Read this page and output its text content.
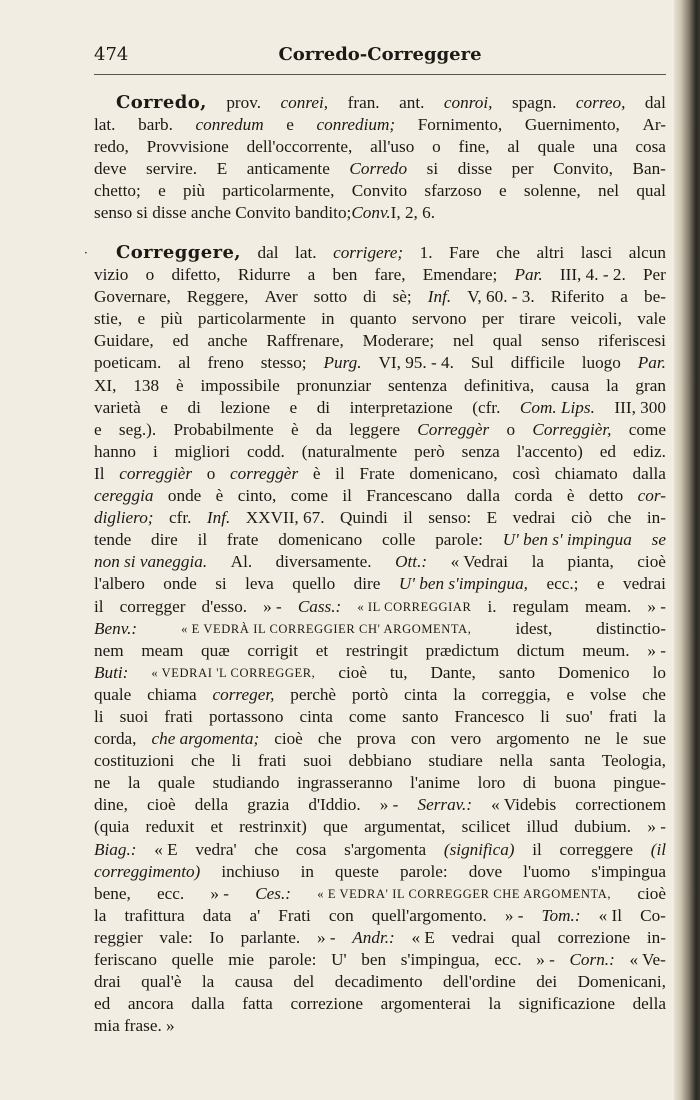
474	Corredo-Correggere
·
Corredo, prov. conrei, fran. ant. conroi, spagn. correo, dal
lat. barb. conredum e conredium; Fornimento, Guernimento, Ar-
redo, Provvisione dell'occorrente, all'uso o fine, al quale una cosa
deve servire. E anticamente Corredo si disse per Convito, Ban-
chetto; e più particolarmente, Convito sfarzoso e solenne, nel qual
senso si disse anche Convito bandito; Conv. I, 2, 6.
Correggere, dal lat. corrigere; 1. Fare che altri lasci alcun
vizio o difetto, Ridurre a ben fare, Emendare; Par. III, 4. - 2. Per
Governare, Reggere, Aver sotto di sè; Inf. V, 60. - 3. Riferito a be-
stie, e più particolarmente in quanto servono per tirare veicoli, vale
Guidare, ed anche Raffrenare, Moderare; nel qual senso riferiscesi
poeticam. al freno stesso; Purg. VI, 95. - 4. Sul difficile luogo Par.
XI, 138 è impossibile pronunziar sentenza definitiva, causa la gran
varietà e di lezione e di interpretazione (cfr. Com. Lips. III, 300
e seg.). Probabilmente è da leggere Correggèr o Correggièr, come
hanno i migliori codd. (naturalmente però senza l'accento) ed ediz.
Il correggièr o correggèr è il Frate domenicano, così chiamato dalla
cereggia onde è cinto, come il Francescano dalla corda è detto cor-
digliero; cfr. Inf. XXVII, 67. Quindi il senso: E vedrai ciò che in-
tende dire il frate domenicano colle parole: U' ben s' impingua se
non si vaneggia. Al. diversamente. Ott.: « Vedrai la pianta, cioè
l'albero onde si leva quello dire U' ben s'impingua, ecc.; e vedrai
il corregger d'esso. » - Cass.: « IL CORREGGIAR i. regulam meam. » -
Benv.:	« E VEDRÀ IL CORREGGIER CH' ARGOMENTA,	idest,	distinctio-
nem meam quæ corrigit et restringit prædictum dictum meum. » -
Buti: « VEDRAI 'L CORREGGER, cioè tu, Dante, santo Domenico lo
quale chiama correger, perchè portò cinta la correggia, e volse che
li suoi frati portassono cinta come santo Francesco li suo' frati la
corda, che argomenta; cioè che prova con vero argomento ne le sue
costituzioni che li frati suoi debbiano studiare nella santa Teologia,
ne la quale studiando ingrasseranno l'anime loro di buona pingue-
dine, cioè della grazia d'Iddio. » - Serrav.: « Videbis correctionem
(quia reduxit et restrinxit) que argumentat, scilicet illud dubium. » -
Biag.: « E vedra' che cosa s'argomenta (significa) il correggere (il
correggimento) inchiuso in queste parole: dove l'uomo s'impingua
bene, ecc. » - Ces.: « E VEDRA' IL CORREGGER CHE ARGOMENTA, cioè
la trafittura data a' Frati con quell'argomento. » - Tom.: « Il Co-
reggier vale: Io parlante. » - Andr.: « E vedrai qual correzione in-
feriscano quelle mie parole: U' ben s'impingua, ecc. » - Corn.: « Ve-
drai qual'è la causa del decadimento dell'ordine dei Domenicani,
ed ancora dalla fatta correzione argomenterai la significazione della
mia frase. »
